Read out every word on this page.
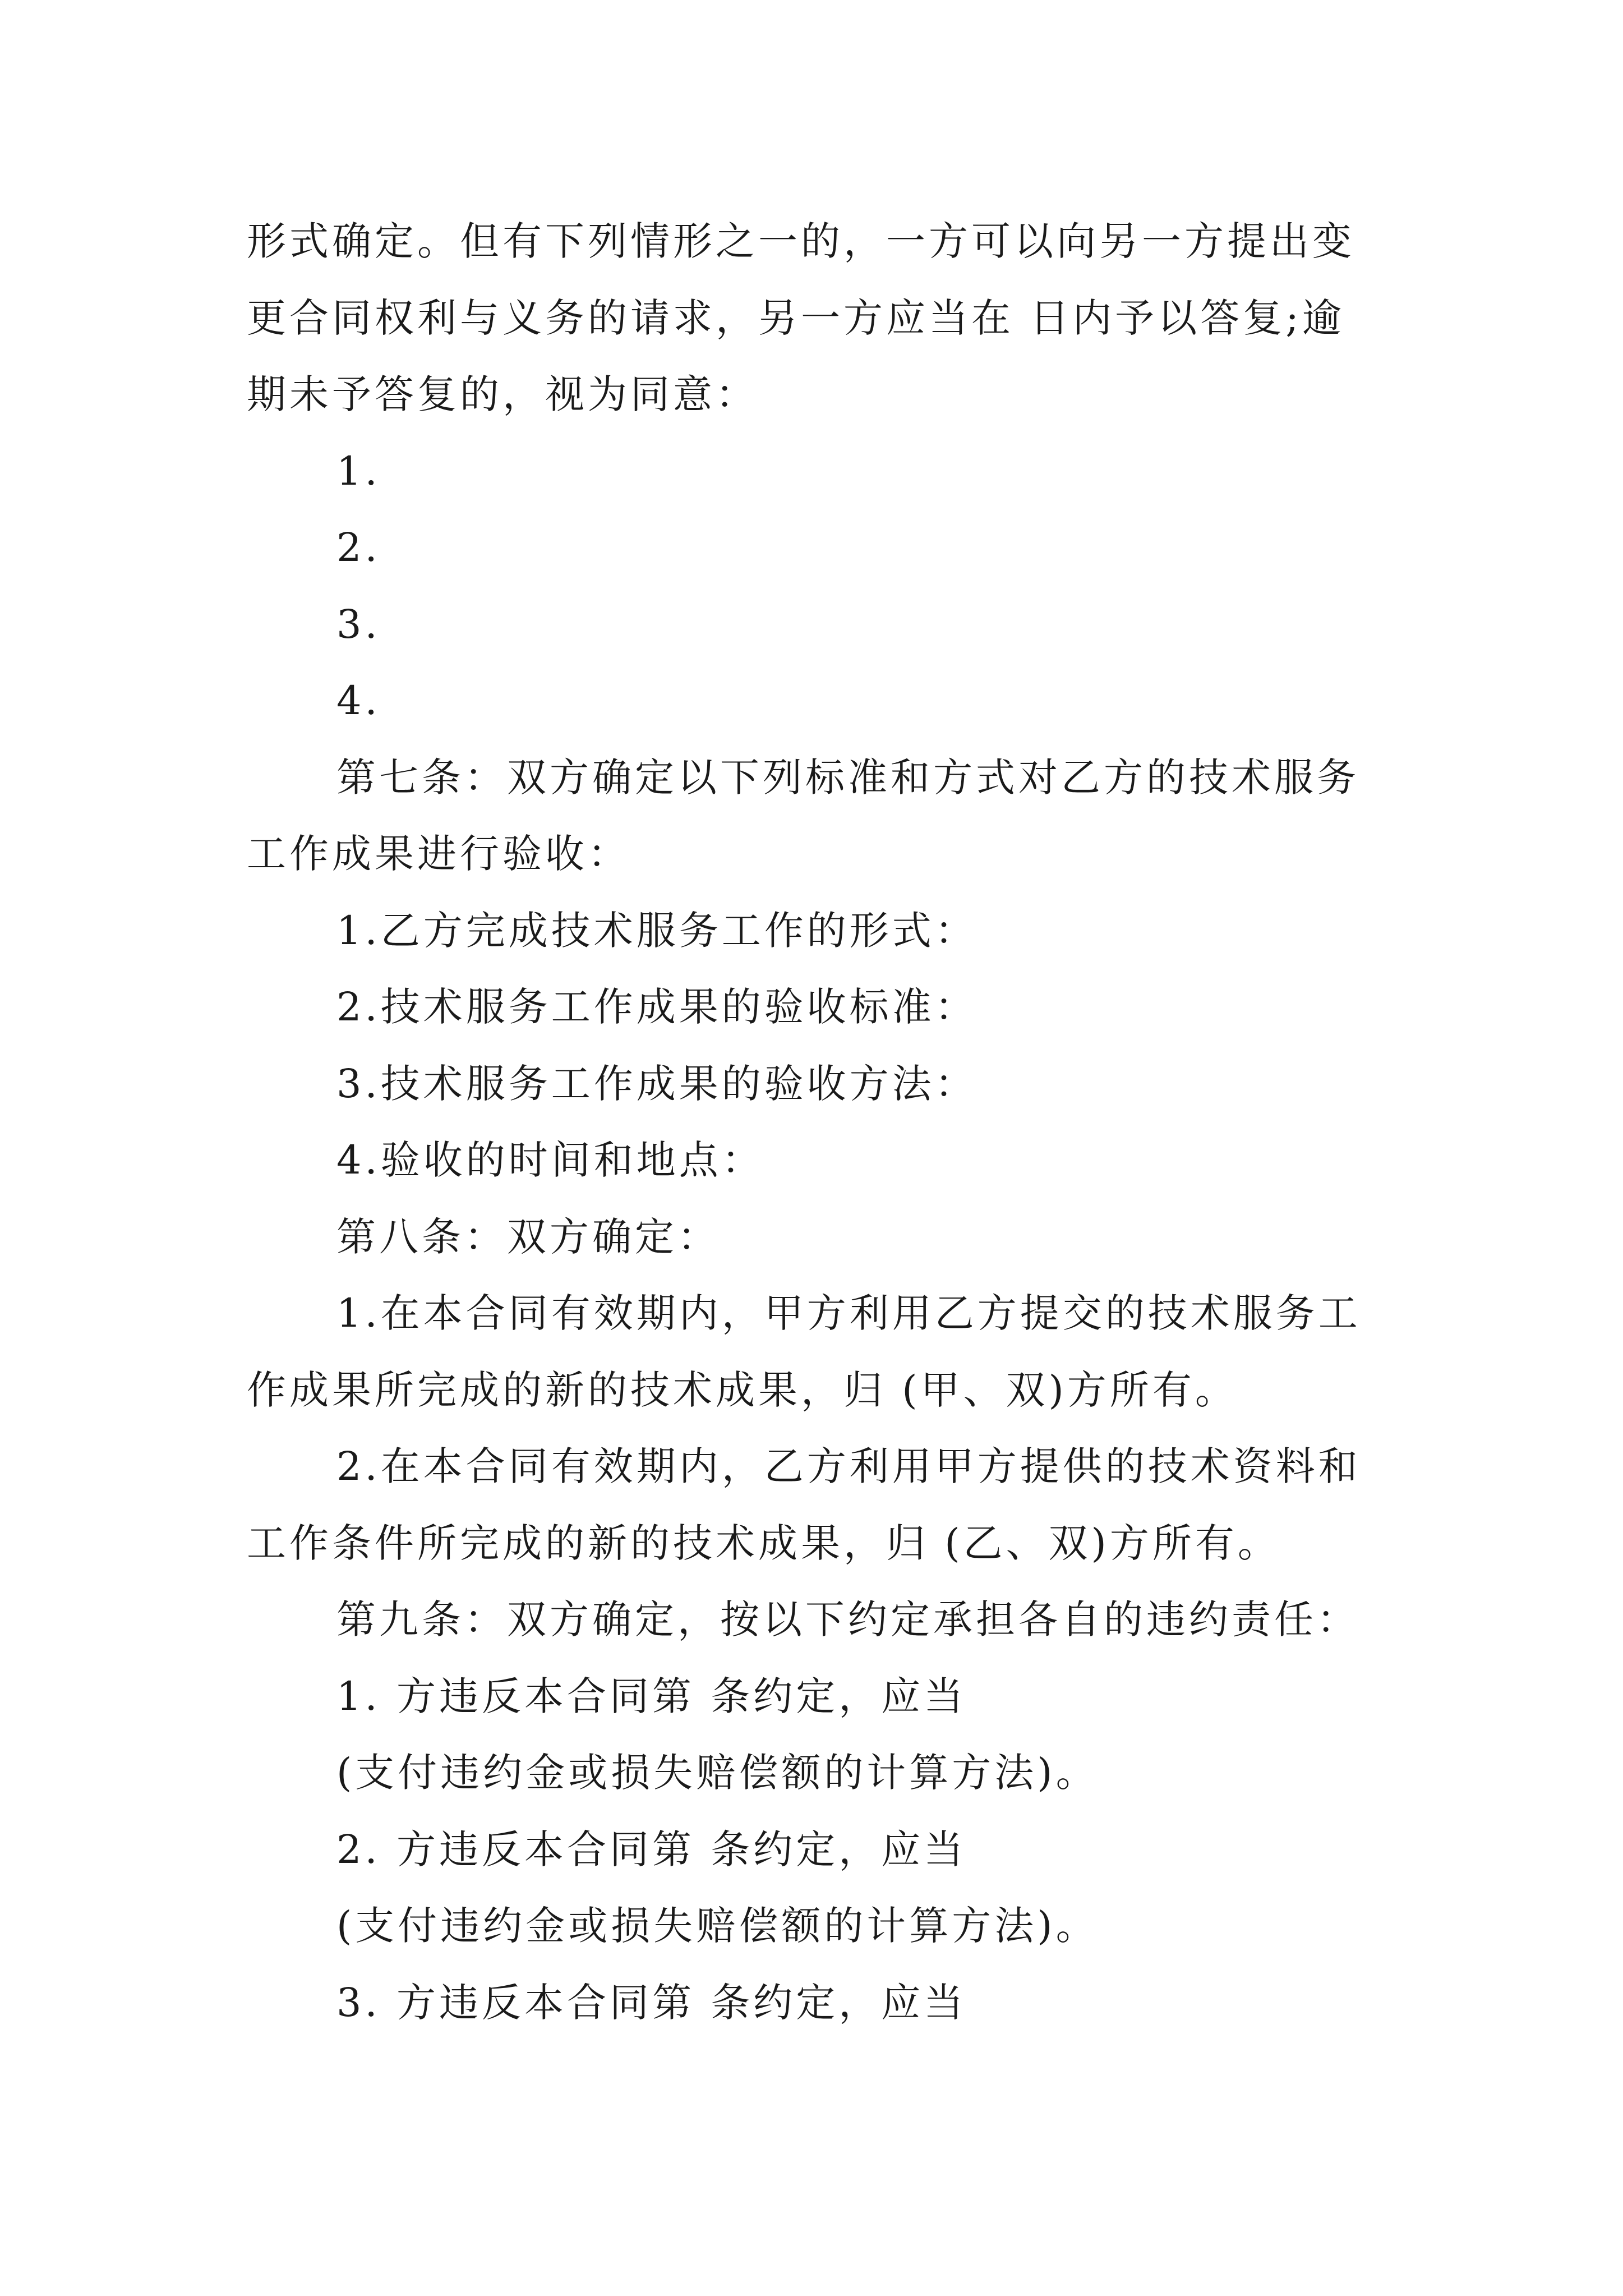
形式确定。但有下列情形之一的，一方可以向另一方提出变
更合同权利与义务的请求，另一方应当在 日内予以答复;逾
期未予答复的，视为同意：
1.
2.
3.
4.
第七条：双方确定以下列标准和方式对乙方的技术服务
工作成果进行验收：
1.乙方完成技术服务工作的形式：
2.技术服务工作成果的验收标准：
3.技术服务工作成果的验收方法：
4.验收的时间和地点：
第八条：双方确定：
1.在本合同有效期内，甲方利用乙方提交的技术服务工
作成果所完成的新的技术成果，归 (甲、双)方所有。
2.在本合同有效期内，乙方利用甲方提供的技术资料和
工作条件所完成的新的技术成果，归 (乙、双)方所有。
第九条：双方确定，按以下约定承担各自的违约责任：
1. 方违反本合同第 条约定，应当
(支付违约金或损失赔偿额的计算方法)。
2. 方违反本合同第 条约定，应当
(支付违约金或损失赔偿额的计算方法)。
3. 方违反本合同第 条约定，应当
